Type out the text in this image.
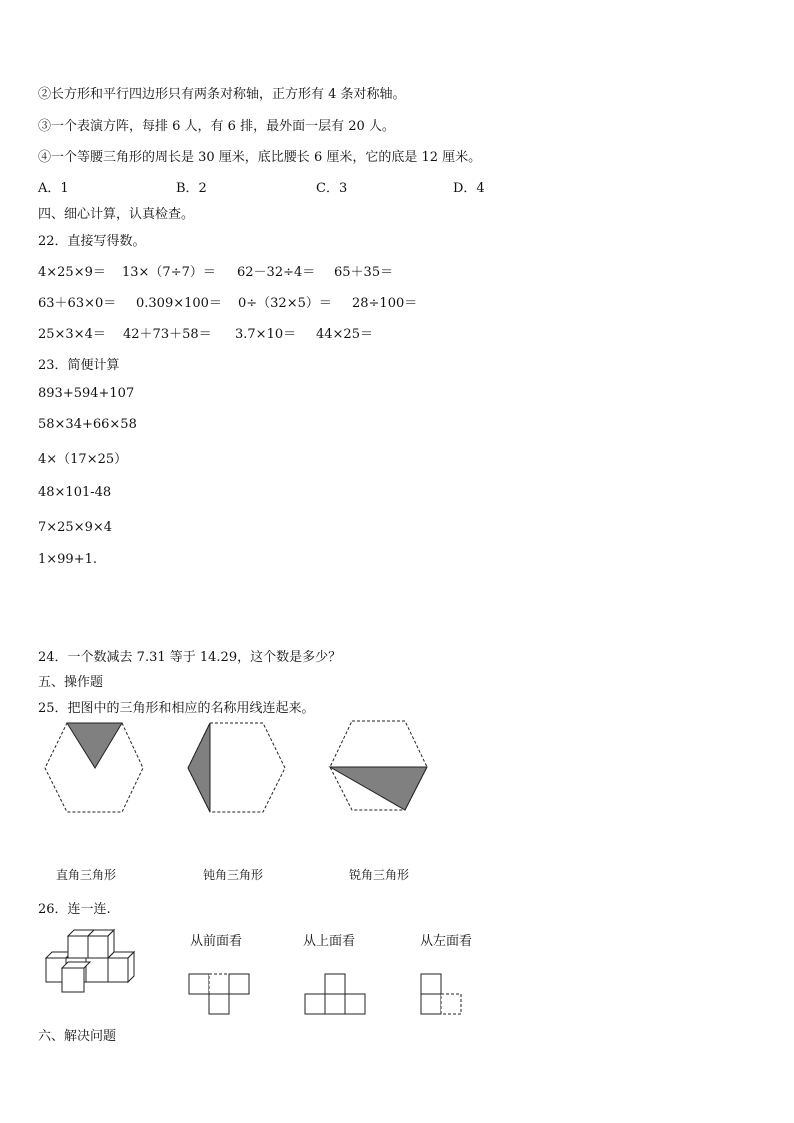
②长方形和平行四边形只有两条对称轴，正方形有 4 条对称轴。
③一个表演方阵，每排 6 人，有 6 排，最外面一层有 20 人。
④一个等腰三角形的周长是 30 厘米，底比腰长 6 厘米，它的底是 12 厘米。
A．1	B．2	C．3	D．4
四、细心计算，认真检查。
22．直接写得数。
4×25×9＝ 13×（7÷7）＝ 62－32÷4＝ 65＋35＝
63＋63×0＝ 0.309×100＝ 0÷（32×5）＝ 28÷100＝
25×3×4＝ 42＋73＋58＝ 3.7×10＝ 44×25＝
23．简便计算
893+594+107
58×34+66×58
4×（17×25）
48×101-48
7×25×9×4
1×99+1.
24．一个数减去 7.31 等于 14.29，这个数是多少？
五、操作题
25．把图中的三角形和相应的名称用线连起来。
直角三角形	钝角三角形	锐角三角形
26．连一连.
从前面看	从上面看	从左面看
六、解决问题
